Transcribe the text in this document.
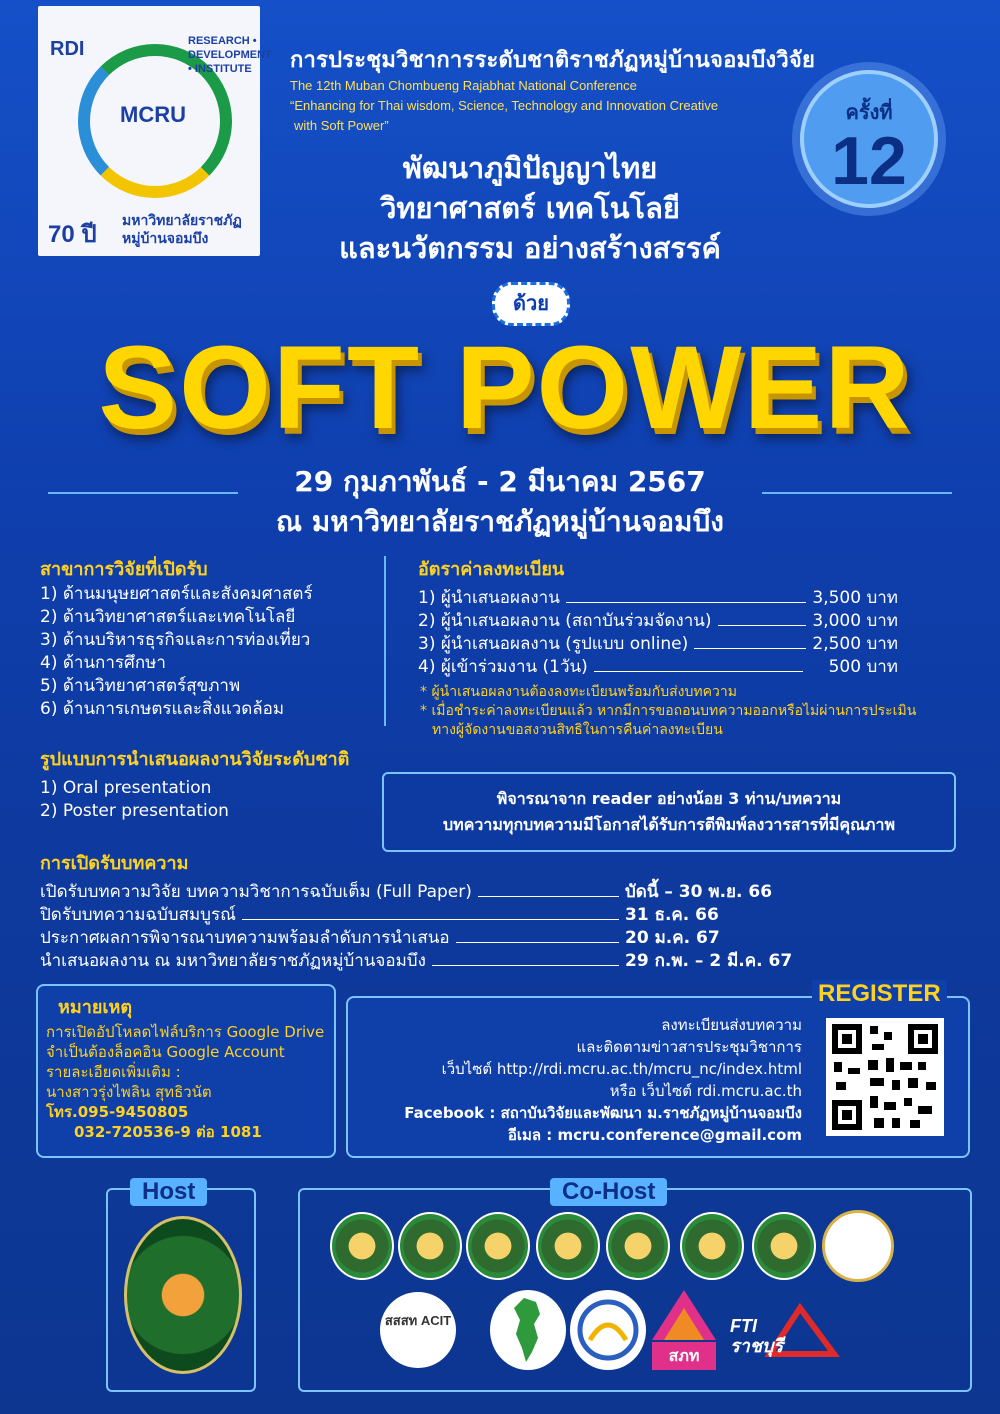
RDI
MCRU
RESEARCH • DEVELOPMENT • INSTITUTE
70 ปี มหาวิทยาลัยราชภัฏหมู่บ้านจอมบึง
การประชุมวิชาการระดับชาติราชภัฏหมู่บ้านจอมบึงวิจัย
The 12th Muban Chombueng Rajabhat National Conference
“Enhancing for Thai wisdom, Science, Technology and Innovation Creative
with Soft Power”
พัฒนาภูมิปัญญาไทย
วิทยาศาสตร์ เทคโนโลยี
และนวัตกรรม อย่างสร้างสรรค์
ครั้งที่
12
ด้วย
SOFT POWER
29 กุมภาพันธ์ - 2 มีนาคม 2567
ณ มหาวิทยาลัยราชภัฏหมู่บ้านจอมบึง
สาขาการวิจัยที่เปิดรับ
1) ด้านมนุษยศาสตร์และสังคมศาสตร์
2) ด้านวิทยาศาสตร์และเทคโนโลยี
3) ด้านบริหารธุรกิจและการท่องเที่ยว
4) ด้านการศึกษา
5) ด้านวิทยาศาสตร์สุขภาพ
6) ด้านการเกษตรและสิ่งแวดล้อม
อัตราค่าลงทะเบียน
1) ผู้นำเสนอผลงาน	3,500 บาท
2) ผู้นำเสนอผลงาน (สถาบันร่วมจัดงาน)	3,000 บาท
3) ผู้นำเสนอผลงาน (รูปแบบ online)	2,500 บาท
4) ผู้เข้าร่วมงาน (1วัน)	500 บาท
* ผู้นำเสนอผลงานต้องลงทะเบียนพร้อมกับส่งบทความ
* เมื่อชำระค่าลงทะเบียนแล้ว หากมีการขอถอนบทความออกหรือไม่ผ่านการประเมิน
ทางผู้จัดงานขอสงวนสิทธิในการคืนค่าลงทะเบียน
รูปแบบการนำเสนอผลงานวิจัยระดับชาติ
1) Oral presentation
2) Poster presentation
พิจารณาจาก reader อย่างน้อย 3 ท่าน/บทความ
บทความทุกบทความมีโอกาสได้รับการตีพิมพ์ลงวารสารที่มีคุณภาพ
การเปิดรับบทความ
เปิดรับบทความวิจัย บทความวิชาการฉบับเต็ม (Full Paper)	บัดนี้ – 30 พ.ย. 66
ปิดรับบทความฉบับสมบูรณ์	31 ธ.ค. 66
ประกาศผลการพิจารณาบทความพร้อมลำดับการนำเสนอ	20 ม.ค. 67
นำเสนอผลงาน ณ มหาวิทยาลัยราชภัฏหมู่บ้านจอมบึง	29 ก.พ. – 2 มี.ค. 67
หมายเหตุ
การเปิดอัปโหลดไฟล์บริการ Google Drive
จำเป็นต้องล็อคอิน Google Account
รายละเอียดเพิ่มเติม :
นางสาวรุ่งไพลิน สุทธิวนัต
โทร.095-9450805
032-720536-9 ต่อ 1081
REGISTER
ลงทะเบียนส่งบทความ
และติดตามข่าวสารประชุมวิชาการ
เว็บไซต์ http://rdi.mcru.ac.th/mcru_nc/index.html
หรือ เว็บไซต์ rdi.mcru.ac.th
Facebook : สถาบันวิจัยและพัฒนา ม.ราชภัฏหมู่บ้านจอมบึง
อีเมล : mcru.conference@gmail.com
Host	Co-Host
สสสท ACIT
สภท
FTI ราชบุรี
